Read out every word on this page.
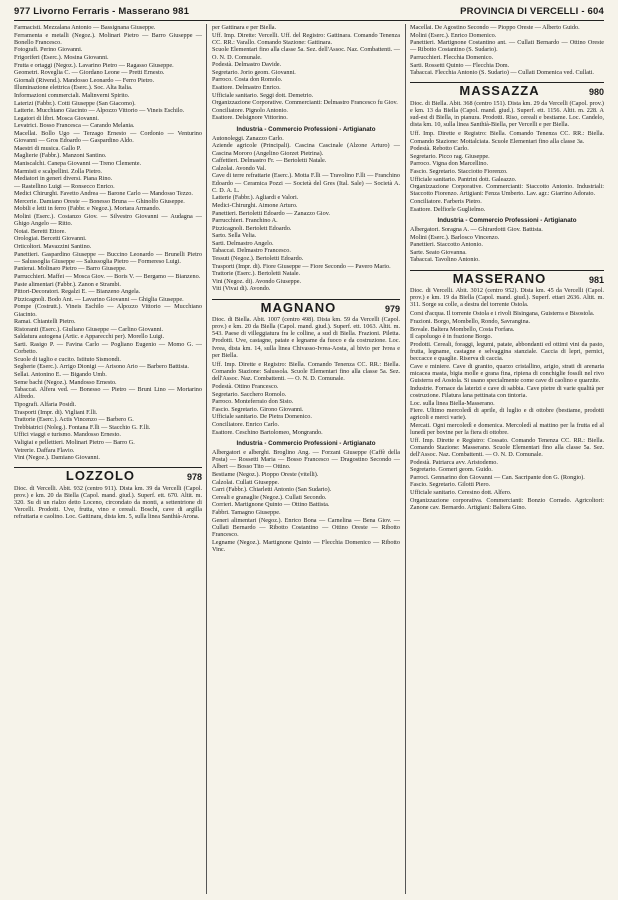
977 Livorno Ferraris - Masserano 981	PROVINCIA DI VERCELLI - 604
Farmacisti. Mezzalana Antonio — Bassignana Giuseppe.
Ferramenta e metalli (Negoz.). Molinari Pietro — Barro Giuseppe — Bonello Francesco.
Fotografi. Perino Giovanni.
Frigoriferi (Eserc.). Mosina Giovanni.
Frutta e ortaggi (Negoz.). Lavarino Pietro — Ragasso Giuseppe.
Geometri. Roveglia C. — Giordano Leone — Pretti Ernesto.
Giornali (Rivend.). Mandosso Leonardo — Ferro Pietro.
Illuminazione elettrica (Eserc.). Soc. Alta Italia.
Informazioni commerciali. Malinverni Spirito.
Laterizi (Fabbr.). Cotti Giuseppe (San Giacomo).
Latterie. Mucchiano Giacinto — Alpozzo Vittorio — Vineis Eschilo.
Legatori di libri. Mosca Giovanni.
Levatrici. Bosso Francesca — Carando Melania.
Macellai. Bollo Ugo — Terzago Ernesto — Cordonio — Venturino Giovanni — Gros Edoardo — Gaspardino Aldo.
Maestri di musica. Gallo P.
Maglierie (Fabbr.). Manzoni Santino.
Maniscalchi. Canepa Giovanni — Treno Clemente.
Marmisti e scalpellini. Zolla Pietro.
Mediatori in generi diversi. Piana Rino.
— Rastellino Luigi — Ronsecco Enrico.
Medici Chirurghi. Favetto Andrea — Barone Carlo — Mandosso Tezzo.
Mercerie. Damiano Oreste — Bonesso Bruna — Ghinolfo Giuseppe.
Mobili e letti in ferro (Fabbr. e Negoz.). Mortara Armando.
Molini (Eserc.). Costanzo Giov. — Silvestro Giovanni — Audagna — Ghigo Angelo — Ritto.
Notai. Beretti Ettore.
Orologiai. Bercetti Giovanni.
Orticoltori. Mavazzini Santino.
Panettieri. Gaspardino Giuseppe — Buccino Leonardo — Brunelli Pietro — Salussoglia Giuseppe — Salussoglia Pietro — Formereso Luigi.
Panierai. Molinaro Pietro — Barro Giuseppe.
Parrucchieri. Maffei — Mosca Giov. — Boris V. — Bergamo — Bianzeno.
Paste alimentari (Fabbr.). Zanon e Strambi.
Pittori-Decoratori. Regalzi E. — Bianzeno Angela.
Pizzicagnoli. Bodo Ant. — Lavarino Giovanni — Ghiglia Giuseppe.
Pompe (Costrutt.). Vineis Eschilo — Alpozzo Vittorio — Mucchiano Giacinto.
Ramai. Chiantelli Pietro.
Ristoranti (Eserc.). Giuliano Giuseppe — Carlino Giovanni.
Saldatura autogena (Artic. e Apparecchi per). Morello Luigi.
Sarti. Rasigo P. — Favina Carlo — Pogliano Eugenio — Momo G. — Corbetto.
Scuole di taglio e cucito. Istituto Sismondi.
Segherie (Eserc.). Arrigo Dionigi — Arisono Ario — Barbero Battista.
Sellai. Antonino E. — Bigando Umb.
Seme bachi (Negoz.). Mandosso Ernesto.
Tabaccai. Alfera ved. — Bonesso — Pietro — Bruni Lino — Mortarino Alfredo.
Tipografi. Alfaria Posidi.
Trasporti (Impr. di). Vigliani F.lli.
Trattorie (Eserc.). Actis Vincenzo — Barbero G.
Trebbiatrici (Noleg.). Fontana F.lli — Stacchio G. F.lli.
Uffici viaggi e turismo. Mandosso Ernesto.
Valigiai e pellettieri. Molinari Pietro — Barro G.
Vetrerie. Daffara Flavio.
Vini (Negoz.). Damiano Giovanni.
LOZZOLO	978
Dioc. di Vercelli. Abit. 932 (centro 911). Dista km. 39 da Vercelli (Capol. prov.) e km. 20 da Biella (Capol. mand. giud.). Superf. ett. 670. Altit. m. 320. Su di un rialzo detto Loceno, circondato da monti, a settentrione di Vercelli. Prodotti. Uve, frutta, vino e cereali. Boschi, cave di argilla refrattaria e caolino. Loc. Gattinara, dista km. 5, sulla linea Santhià-Arona.
per Gattinara e per Biella.
Uff. Imp. Dirette: Vercelli. Uff. del Registro: Gattinara. Comando Tenenza CC. RR.: Varallo. Comando Stazione: Gattinara.
Scuole Elementari fino alla classe 5a. Sez. dell'Assoc. Naz. Combattenti. — O. N. D. Comunale.
Podestà. Delmastro Davide.
Segretario. Jorio geom. Giovanni.
Parroco. Costa don Romolo.
Esattore. Delmastro Enrico.
Ufficiale sanitario. Seggi dott. Demetrio.
Organizzazione Corporative. Commercianti: Delmastro Francesco fu Giov.
Conciliatore. Pignolo Antonio.
Esattore. Delsignore Vittorino.
Industria - Commercio Professioni - Artigianato
Autonoleggi. Zanazzo Carlo.
Aziende agricole (Principali). Cascina Cascinale (Alzone Arturo) — Cascina Mororo (Angelino Giorzet Pietrina).
Caffettieri. Delmastro Fr. — Bertoletti Natale.
Calzolai. Avondo Val.
Cave di terre refrattarie (Eserc.). Motta F.lli — Travolino F.lli — Franchino Edoardo — Ceramica Pozzi — Società del Gres (Ital. Sale) — Società A. C. D. A. L.
Latterie (Fabbr.). Agliardi e Valori.
Medici-Chirurghi. Aimone Arturo.
Panettieri. Bertoletti Edoardo — Zanazzo Giov.
Parrucchieri. Franchino A.
Pizzicagnoli. Bertolett Edoardo.
Sarto. Sella Velia.
Sarti. Delmastro Angelo.
Tabaccai. Delmastro Francesco.
Tessuti (Negoz.). Bertoletti Edoardo.
Trasporti (Impr. di). Fiore Giuseppe — Fiore Secondo — Pavero Mario.
Trattorie (Eserc.). Bertoletti Natale.
Vini (Negoz. di). Avondo Giuseppe.
Viti (Vivai di). Avondo.
MAGNANO	979
Dioc. di Biella. Abit. 1007 (centro 498). Dista km. 59 da Vercelli (Capol. prov.) e km. 20 da Biella (Capol. mand. giud.). Superf. ett. 1063. Altit. m. 543. Paese di villeggiatura fra le colline, a sud di Biella. Frazioni. Piletta. Prodotti. Uve, castagne, patate e legname da fuoco e da costruzione. Loc. Ivrea, dista km. 14, sulla linea Chivasso-Ivrea-Aosta, al bivio per Ivrea e per Biella.
Uff. Imp. Dirette e Registro: Biella. Comando Tenenza CC. RR.: Biella. Comando Stazione: Salussola. Scuole Elementari fino alla classe 5a. Sez. dell'Assoc. Naz. Combattenti. — O. N. D. Comunale.
Podestà. Ottino Francesco.
Segretario. Sacchero Romolo.
Parroco. Monteferraio don Sisto.
Fascio. Segretario. Girono Giovanni.
Ufficiale sanitario. De Pietra Domenico.
Conciliatore. Enrico Carlo.
Esattore. Ceschino Bartolomeo, Mongrando.
Industria - Commercio Professioni - Artigianato
Albergatori e alberghi. Broglino Ang. — Forzani Giuseppe (Caffè della Posta) — Rossetti Maria — Bosso Francesco — Dragostino Secondo — Albert — Bosso Tito — Ottino.
Bestiame (Negoz.). Pioppo Oreste (vitelli).
Calzolai. Cullati Giuseppe.
Carri (Fabbr.). Chiarletti Antonio (San Sudario).
Cereali e granaglie (Negoz.). Cullati Secondo.
Corrieri. Martignone Quinto — Ottino Battista.
Fabbri. Tamagno Giuseppe.
Generi alimentari (Negoz.). Enrico Bona — Carnelina — Bena Giov. — Cullati Bernardo — Ribotto Costantino — Ottino Oreste — Ribotto Francesco.
Legname (Negoz.). Martignone Quinto — Flecchia Domenico — Ribotto Vinc.
Macellai. De Agostino Secondo — Pioppo Oreste — Alberto Guido.
Molini (Eserc.). Enrico Domenico.
Panettieri. Martignone Costantino ant. — Cullati Bernardo — Ottino Oreste — Ribotto Costantino (S. Sudario).
Parrucchieri. Flecchia Domenico.
Sarti. Rossetti Quinto — Flecchia Dom.
Tabaccai. Flecchia Antonio (S. Sudario) — Cullati Domenica ved. Cullati.
MASSAZZA	980
Dioc. di Biella. Abit. 368 (centro 151). Dista km. 29 da Vercelli (Capol. prov.) e km. 13 da Biella (Capol. mand. giud.). Superf. ett. 1156. Altit. m. 228. A sud-est di Biella, in pianura. Prodotti. Riso, cereali e bestiame. Loc. Candelo, dista km. 10, sulla linea Santhià-Biella, per Vercelli e per Biella.
Uff. Imp. Dirette e Registro: Biella. Comando Tenenza CC. RR.: Biella. Comando Stazione: Mottalciata. Scuole Elementari fino alla classe 3a.
Podestà. Rebotto Carlo.
Segretario. Picco rag. Giuseppe.
Parroco. Vigna don Marcellino.
Fascio. Segretario. Stacciotto Fiorenzo.
Ufficiale sanitario. Pantrini dott. Galeazzo.
Organizzazione Corporative. Commercianti: Staccotto Antonio. Industriali: Staccotto Fiorenzo. Artigiani: Fenza Umberto. Lav. agr.: Giarrino Adorato.
Conciliatore. Farberis Pietro.
Esattore. Delfiorle Guglielmo.
Industria - Commercio Professioni - Artigianato
Albergatori. Soragna A. — Ghirardotti Giov. Battista.
Molini (Eserc.). Barlosco Vincenzo.
Panettieri. Staccotto Antonio.
Sarte. Seato Giovanna.
Tabaccai. Tavolino Antonio.
MASSERANO	981
Dioc. di Vercelli. Abit. 3012 (centro 952). Dista km. 45 da Vercelli (Capol. prov.) e km. 19 da Biella (Capol. mand. giud.). Superf. ettari 2636. Altit. m. 311. Sorge su colle, a destra del torrente Ostola.
Corsi d'acqua. Il torrente Ostola e i rivoli Bisingana, Guisterra e Bisostola.
Frazioni. Borgo, Mombello, Rondo, Savrangina.
Bovale. Baltera Mombello, Costa Forfara.
Il capoluogo è in frazione Borgo.
Prodotti. Cereali, foraggi, legumi, patate, abbondanti ed ottimi vini da pasto, frutta, legname, castagne e selvaggina stanziale. Caccia di lepri, pernici, beccacce e quaglie. Riserva di caccia.
Cave e miniere. Cave di granito, quarzo cristallino, arigio, strati di arenaria micacea masta, bigia molle e grana fina, ripiena di conchiglie fossili nel rivo Guisterra ed Aostola. Si usano specialmente come cave di caolino e quarzite.
Industrie. Fornace da laterizi e cave di sabbia. Cave pietre di varie qualità per costruzione. Filatura lana pettinata con tintoria.
Loc. sulla linea Biella-Masserano.
Fiere. Ultimo mercoledì di aprile, di luglio e di ottobre (bestiame, prodotti agricoli e merci varie).
Mercati. Ogni mercoledì e domenica. Mercoledì al mattino per la frutta ed al lunedì per bovine per la fiera di ottobre.
Uff. Imp. Dirette e Registro: Cossato. Comando Tenenza CC. RR.: Biella. Comando Stazione: Masserano. Scuole Elementari fino alla classe 5a. Sez. dell'Assoc. Naz. Combattenti. — O. N. D. Comunale.
Podestà. Patriarca avv. Aristodemo.
Segretario. Gomeri geom. Guido.
Parroci. Gennarino don Giovanni — Can. Sacripante don G. (Rongio).
Fascio. Segretario. Gilotti Piero.
Ufficiale sanitario. Ceresino dott. Alfero.
Organizzazione corporativa. Commercianti: Bonzio Corrado. Agricoltori: Zanone cav. Bernardo. Artigiani: Baltera Gino.
